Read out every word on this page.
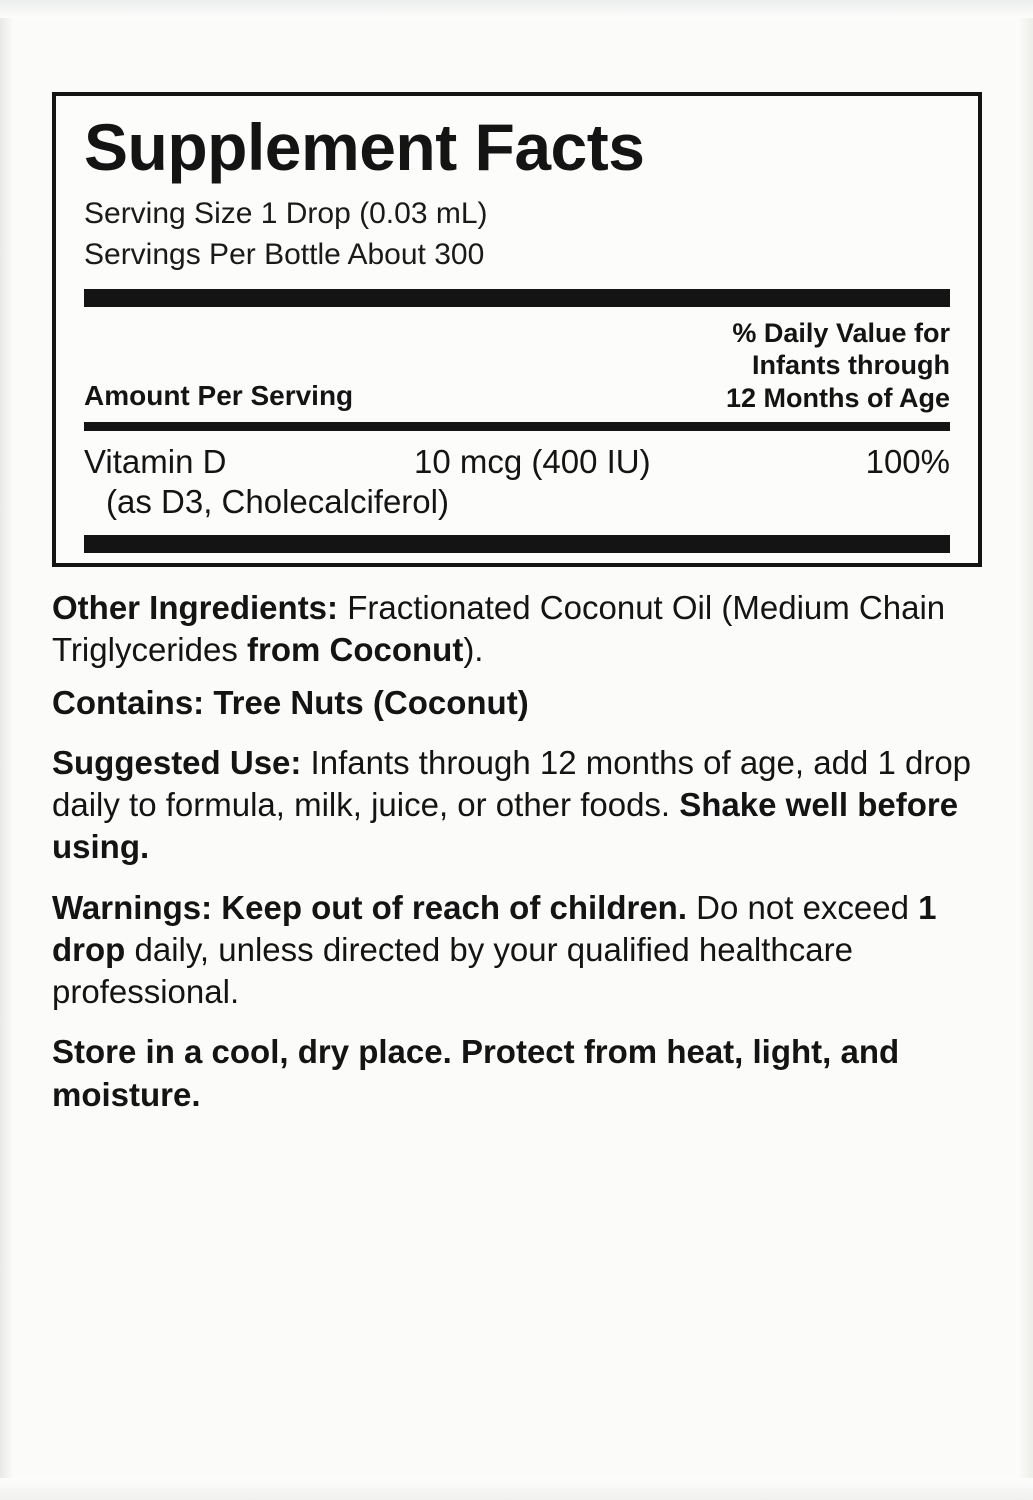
Supplement Facts
Serving Size 1 Drop (0.03 mL)
Servings Per Bottle About 300
Amount Per Serving
% Daily Value for
Infants through
12 Months of Age
Vitamin D	10 mcg (400 IU)	100%
(as D3, Cholecalciferol)
Other Ingredients: Fractionated Coconut Oil (Medium Chain Triglycerides from Coconut).
Contains: Tree Nuts (Coconut)
Suggested Use: Infants through 12 months of age, add 1 drop daily to formula, milk, juice, or other foods. Shake well before using.
Warnings: Keep out of reach of children. Do not exceed 1 drop daily, unless directed by your qualified healthcare professional.
Store in a cool, dry place. Protect from heat, light, and moisture.
